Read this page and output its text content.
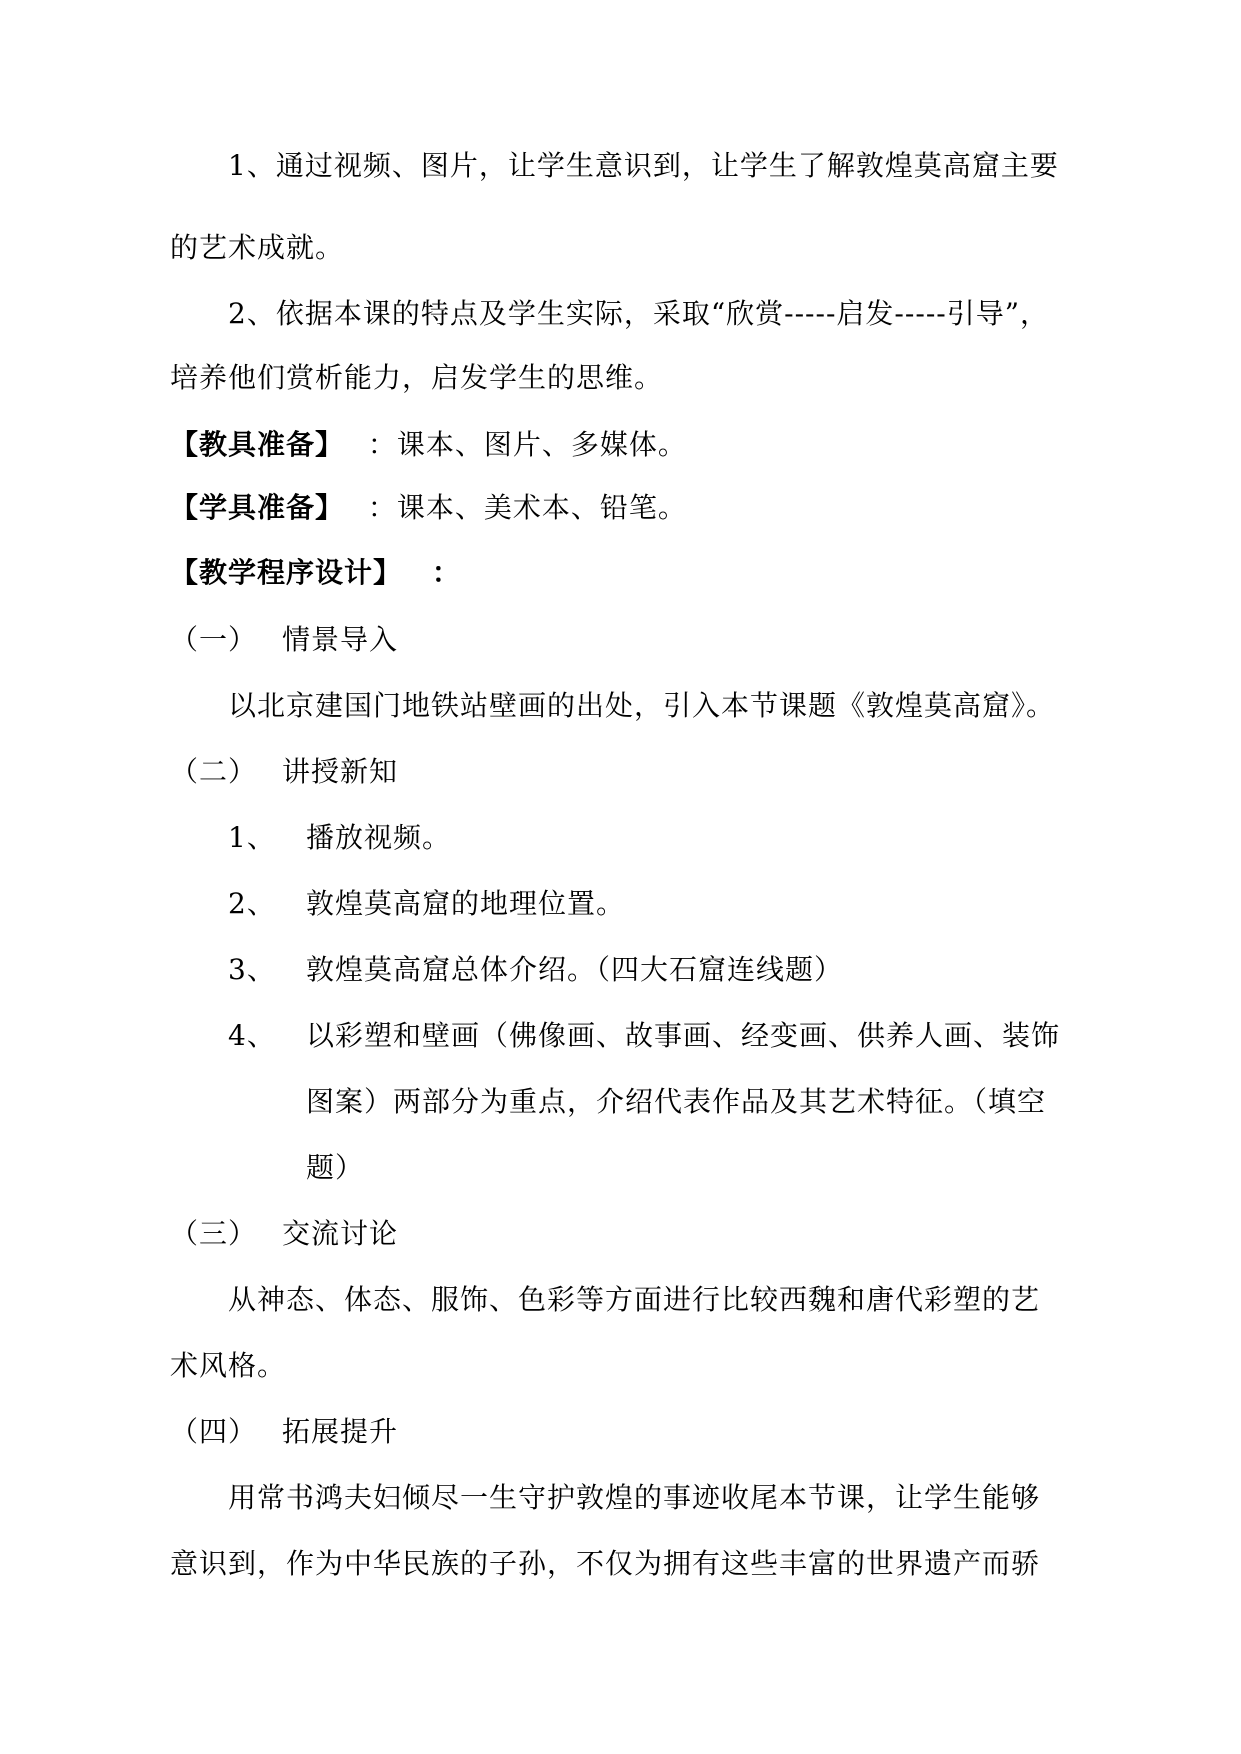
1、通过视频、图片，让学生意识到，让学生了解敦煌莫高窟主要
的艺术成就。
2、依据本课的特点及学生实际，采取“欣赏-----启发-----引导”，
培养他们赏析能力，启发学生的思维。
【教具准备】 ：课本、图片、多媒体。
【学具准备】 ：课本、美术本、铅笔。
【教学程序设计】 ：
（一） 情景导入
以北京建国门地铁站壁画的出处，引入本节课题《敦煌莫高窟》。
（二） 讲授新知
1、 播放视频。
2、 敦煌莫高窟的地理位置。
3、 敦煌莫高窟总体介绍。（四大石窟连线题）
4、 以彩塑和壁画（佛像画、故事画、经变画、供养人画、装饰
图案）两部分为重点，介绍代表作品及其艺术特征。（填空
题）
（三） 交流讨论
从神态、体态、服饰、色彩等方面进行比较西魏和唐代彩塑的艺
术风格。
（四） 拓展提升
用常书鸿夫妇倾尽一生守护敦煌的事迹收尾本节课，让学生能够
意识到，作为中华民族的子孙，不仅为拥有这些丰富的世界遗产而骄
